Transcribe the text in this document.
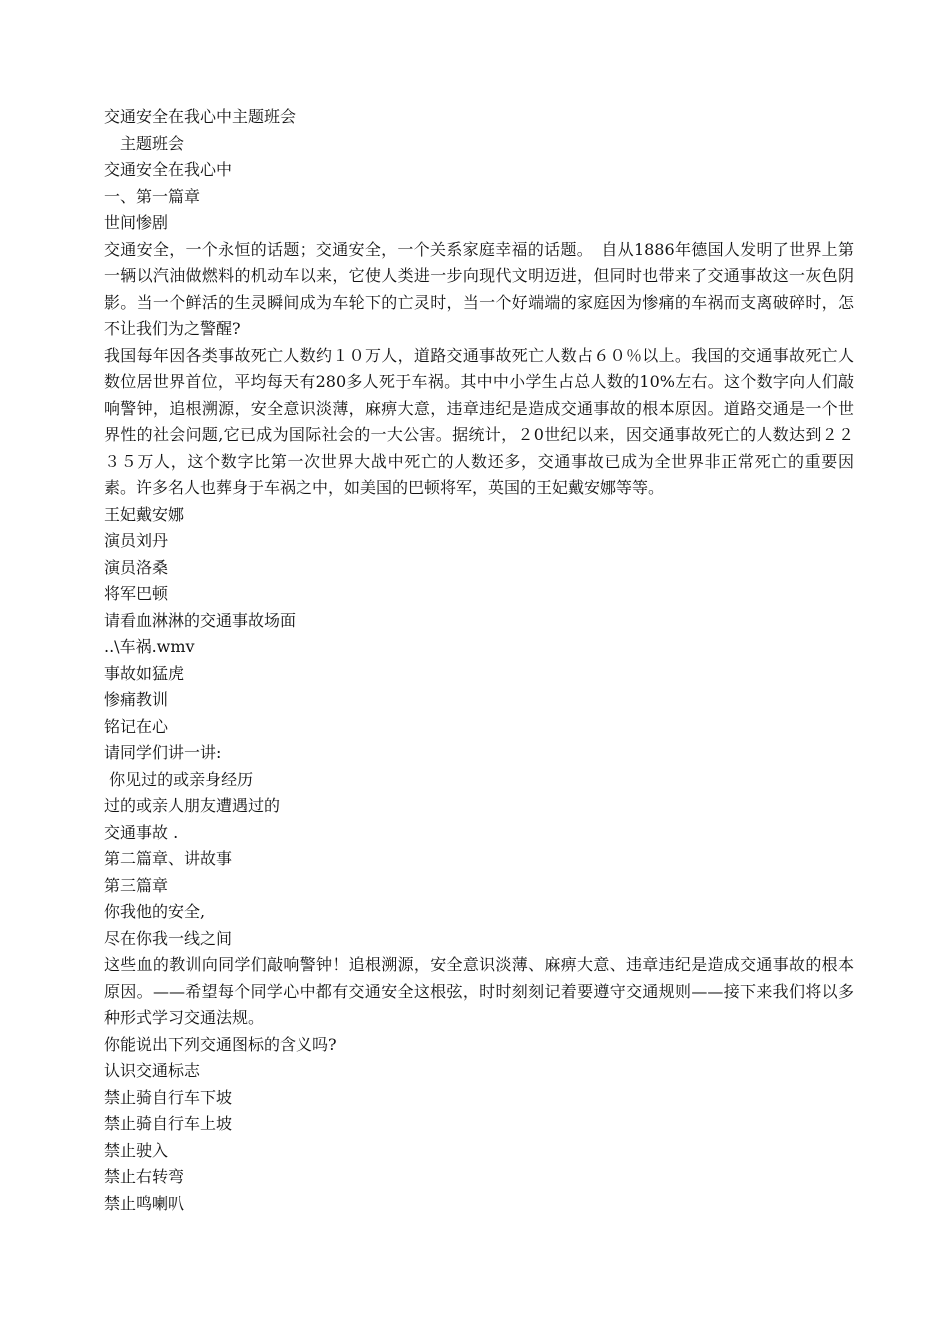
交通安全在我心中主题班会

　主题班会

交通安全在我心中

一、第一篇章

世间惨剧

交通安全，一个永恒的话题；交通安全，一个关系家庭幸福的话题。　自从1886年德国人发明了世界上第一辆以汽油做燃料的机动车以来，它使人类进一步向现代文明迈进，但同时也带来了交通事故这一灰色阴影。当一个鲜活的生灵瞬间成为车轮下的亡灵时，当一个好端端的家庭因为惨痛的车祸而支离破碎时，怎不让我们为之警醒?

我国每年因各类事故死亡人数约１０万人，道路交通事故死亡人数占６０％以上。我国的交通事故死亡人数位居世界首位，平均每天有280多人死于车祸。其中中小学生占总人数的10%左右。这个数字向人们敲响警钟，追根溯源，安全意识淡薄，麻痹大意，违章违纪是造成交通事故的根本原因。道路交通是一个世界性的社会问题,它已成为国际社会的一大公害。据统计，２0世纪以来，因交通事故死亡的人数达到２２３５万人，这个数字比第一次世界大战中死亡的人数还多，交通事故已成为全世界非正常死亡的重要因素。许多名人也葬身于车祸之中，如美国的巴顿将军，英国的王妃戴安娜等等。

王妃戴安娜

演员刘丹

演员洛桑

将军巴顿

请看血淋淋的交通事故场面

..\车祸.wmv

事故如猛虎

惨痛教训

铭记在心

请同学们讲一讲:

你见过的或亲身经历

过的或亲人朋友遭遇过的

交通事故 .

第二篇章、讲故事

第三篇章

你我他的安全,

尽在你我一线之间

这些血的教训向同学们敲响警钟！追根溯源，安全意识淡薄、麻痹大意、违章违纪是造成交通事故的根本原因。——希望每个同学心中都有交通安全这根弦，时时刻刻记着要遵守交通规则——接下来我们将以多种形式学习交通法规。

你能说出下列交通图标的含义吗?

认识交通标志

禁止骑自行车下坡

禁止骑自行车上坡

禁止驶入

禁止右转弯

禁止鸣喇叭
